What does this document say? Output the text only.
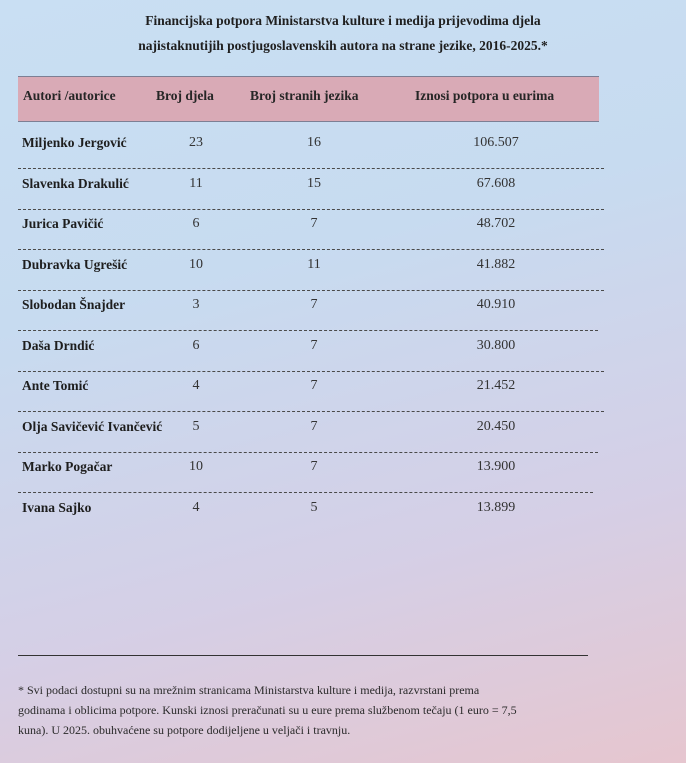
Financijska potpora Ministarstva kulture i medija prijevodima djela
najistaknutijih postjugoslavenskih autora na strane jezike, 2016-2025.*
Autori /autorice	Broj djela	Broj stranih jezika	Iznosi potpora u eurima
Miljenko Jergović	23	16	106.507
Slavenka Drakulić	11	15	67.608
Jurica Pavičić	6	7	48.702
Dubravka Ugrešić	10	11	41.882
Slobodan Šnajder	3	7	40.910
Daša Drndić	6	7	30.800
Ante Tomić	4	7	21.452
Olja Savičević Ivančević 5	7	20.450
Marko Pogačar	10	7	13.900
Ivana Sajko	4	5	13.899
* Svi podaci dostupni su na mrežnim stranicama Ministarstva kulture i medija, razvrstani prema
godinama i oblicima potpore. Kunski iznosi preračunati su u eure prema službenom tečaju (1 euro = 7,5
kuna). U 2025. obuhvaćene su potpore dodijeljene u veljači i travnju.
